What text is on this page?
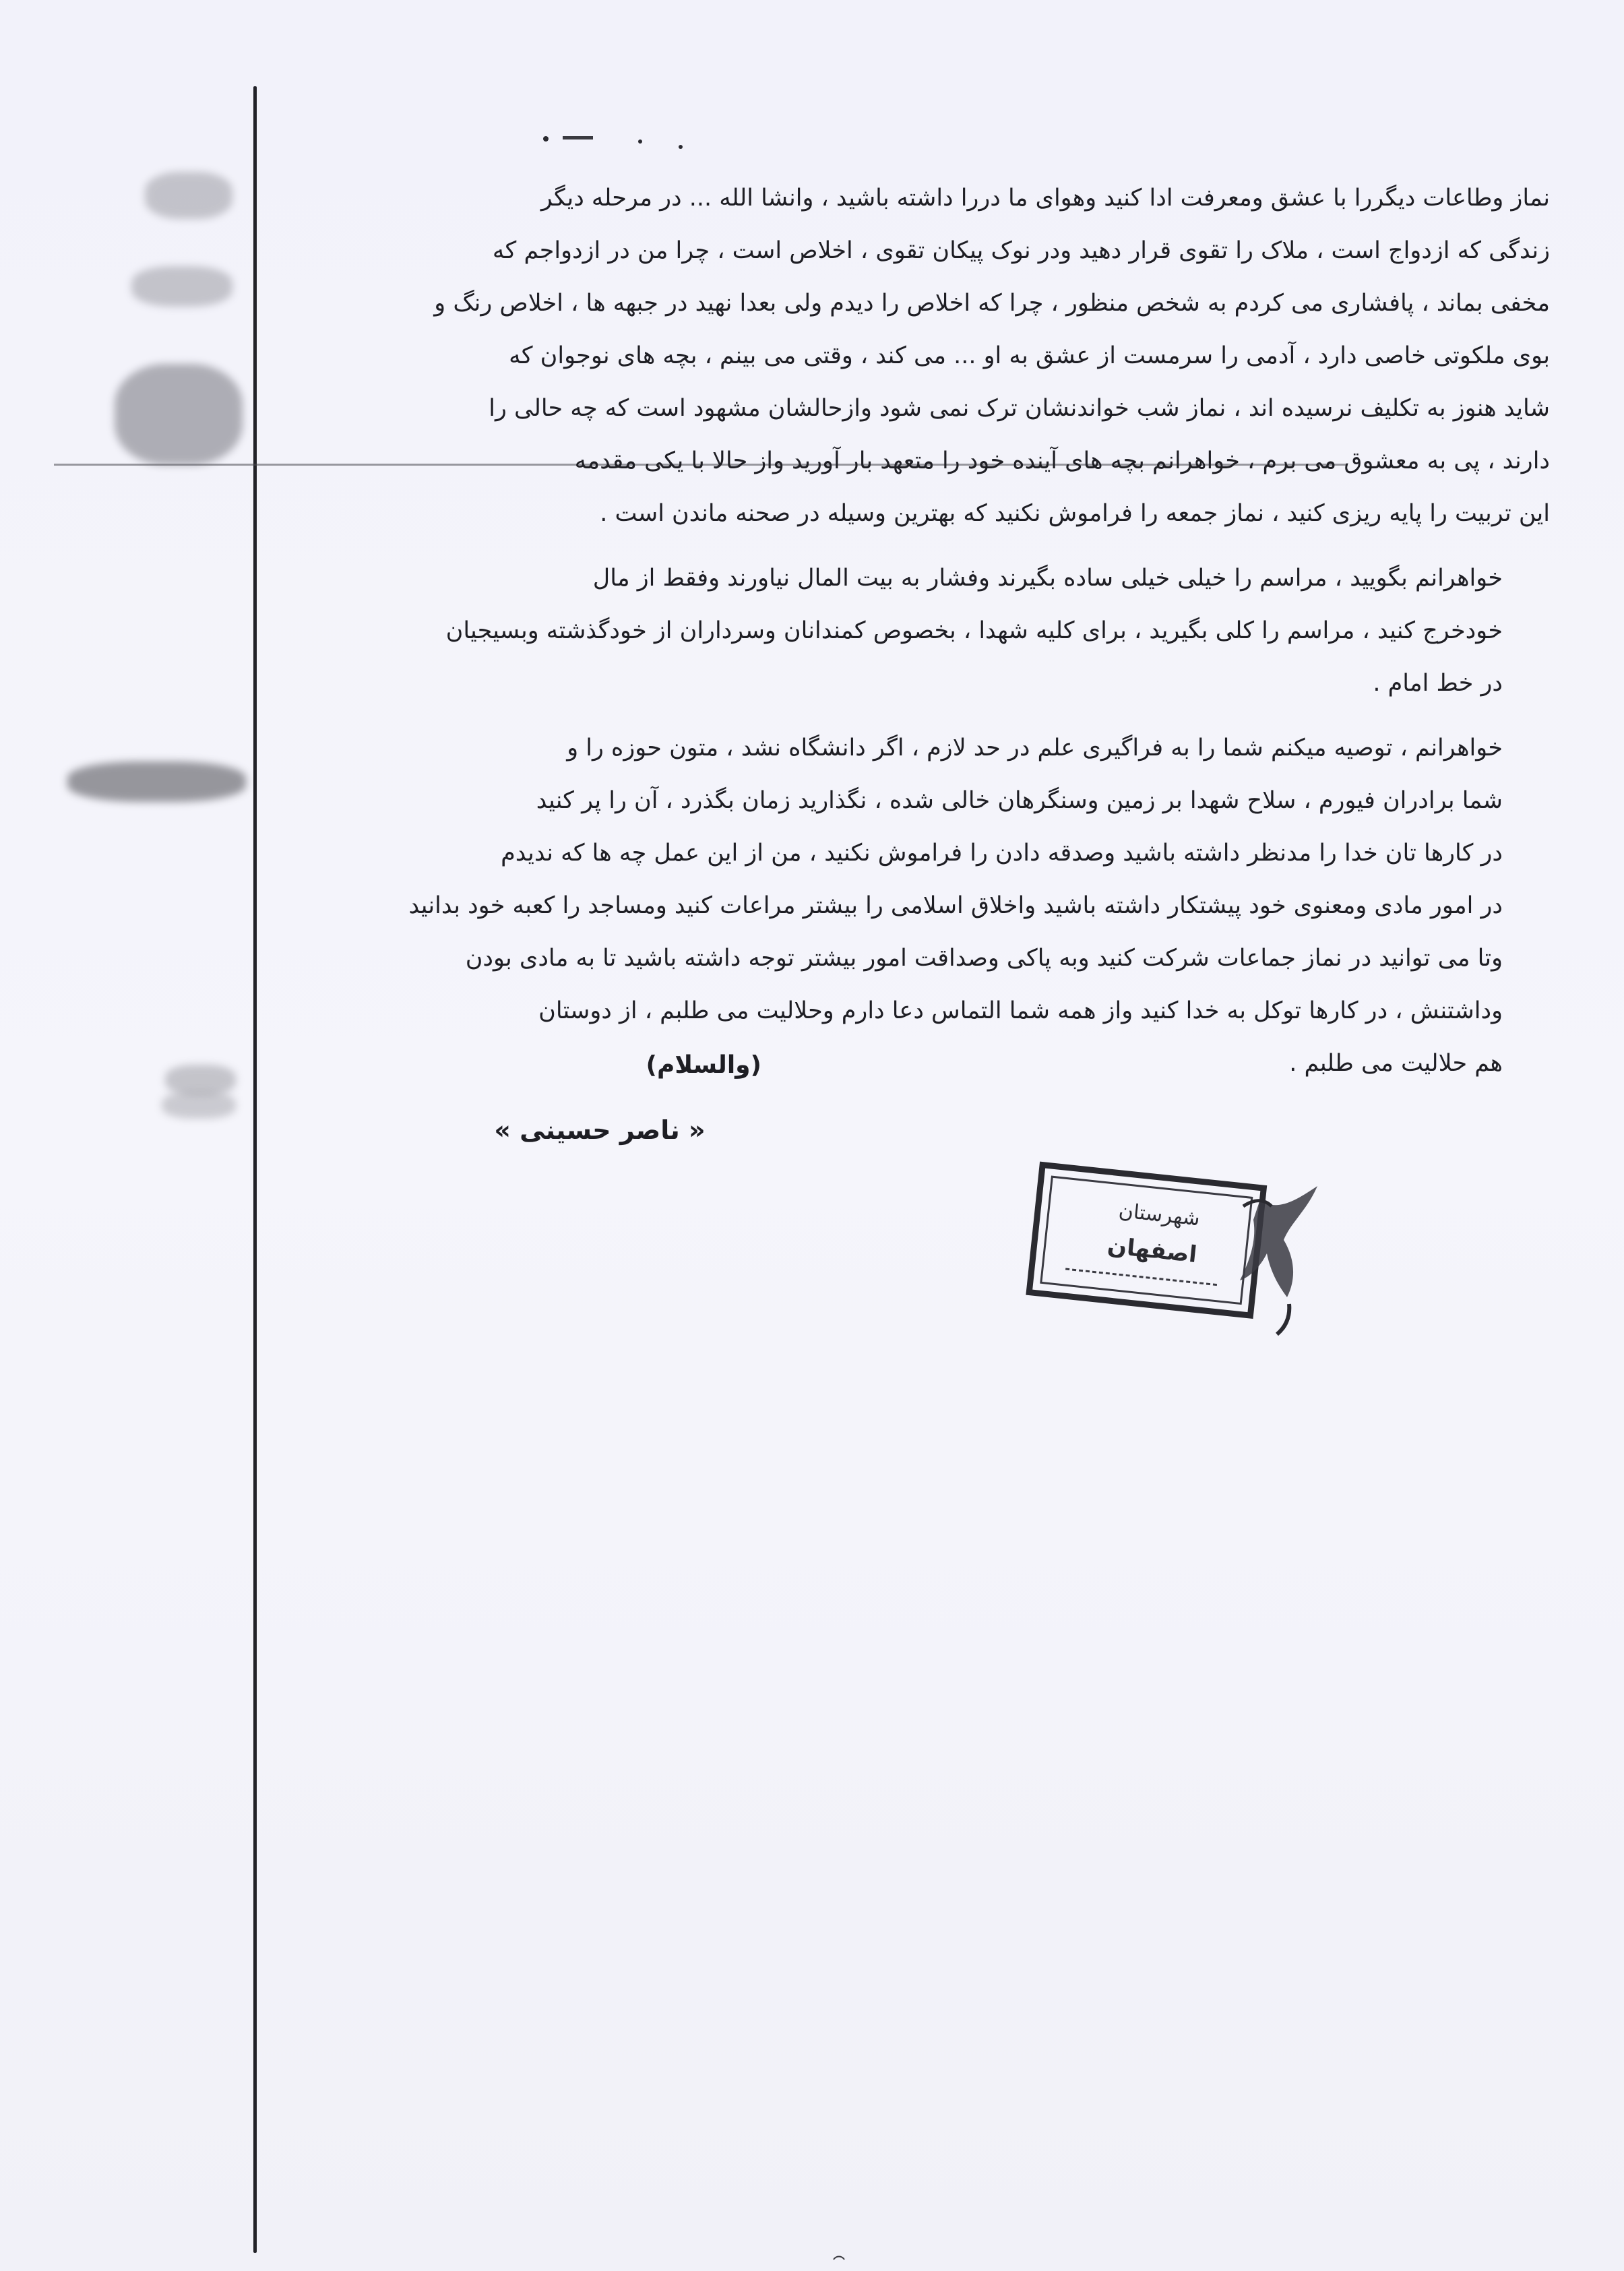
نماز وطاعات دیگررا با عشق ومعرفت ادا کنید وهوای ما دررا داشته باشید ، وانشا الله ... در مرحله دیگر
زندگی که ازدواج است ، ملاک را تقوی قرار دهید ودر نوک پیکان تقوی ، اخلاص است ، چرا من در ازدواجم که
مخفی بماند ، پافشاری می کردم به شخص منظور ، چرا که اخلاص را دیدم ولی بعدا نهید در جبهه ها ، اخلاص رنگ و
بوی ملکوتی خاصی دارد ، آدمی را سرمست از عشق به او ... می کند ، وقتی می بینم ، بچه های نوجوان که
شاید هنوز به تکلیف نرسیده اند ، نماز شب خواندنشان ترک نمی شود وازحالشان مشهود است که چه حالی را
دارند ، پی به معشوق می برم ، خواهرانم بچه های آینده خود را متعهد بار آورید واز حالا با یکی مقدمه
این تربیت را پایه ریزی کنید ، نماز جمعه را فراموش نکنید که بهترین وسیله در صحنه ماندن است .
خواهرانم بگویید ، مراسم را خیلی خیلی ساده بگیرند وفشار به بیت المال نیاورند وفقط از مال
خودخرج کنید ، مراسم را کلی بگیرید ، برای کلیه شهدا ، بخصوص کمندانان وسرداران از خودگذشته وبسیجیان
در خط امام .
خواهرانم ، توصیه میکنم شما را به فراگیری علم در حد لازم ، اگر دانشگاه نشد ، متون حوزه را و
شما برادران فیورم ، سلاح شهدا بر زمین وسنگرهان خالی شده ، نگذارید زمان بگذرد ، آن را پر کنید
در کارها تان خدا را مدنظر داشته باشید وصدقه دادن را فراموش نکنید ، من از این عمل چه ها که ندیدم
در امور مادی ومعنوی خود پیشتکار داشته باشید واخلاق اسلامی را بیشتر مراعات کنید ومساجد را کعبه خود بدانید
وتا می توانید در نماز جماعات شرکت کنید وبه پاکی وصداقت امور بیشتر توجه داشته باشید تا به مادی بودن
وداشتنش ، در کارها توکل به خدا کنید واز همه شما التماس دعا دارم وحلالیت می طلبم ، از دوستان
هم حلالیت می طلبم .
(والسلام)
« ناصر حسینی »
شهرستان
اصفهان
